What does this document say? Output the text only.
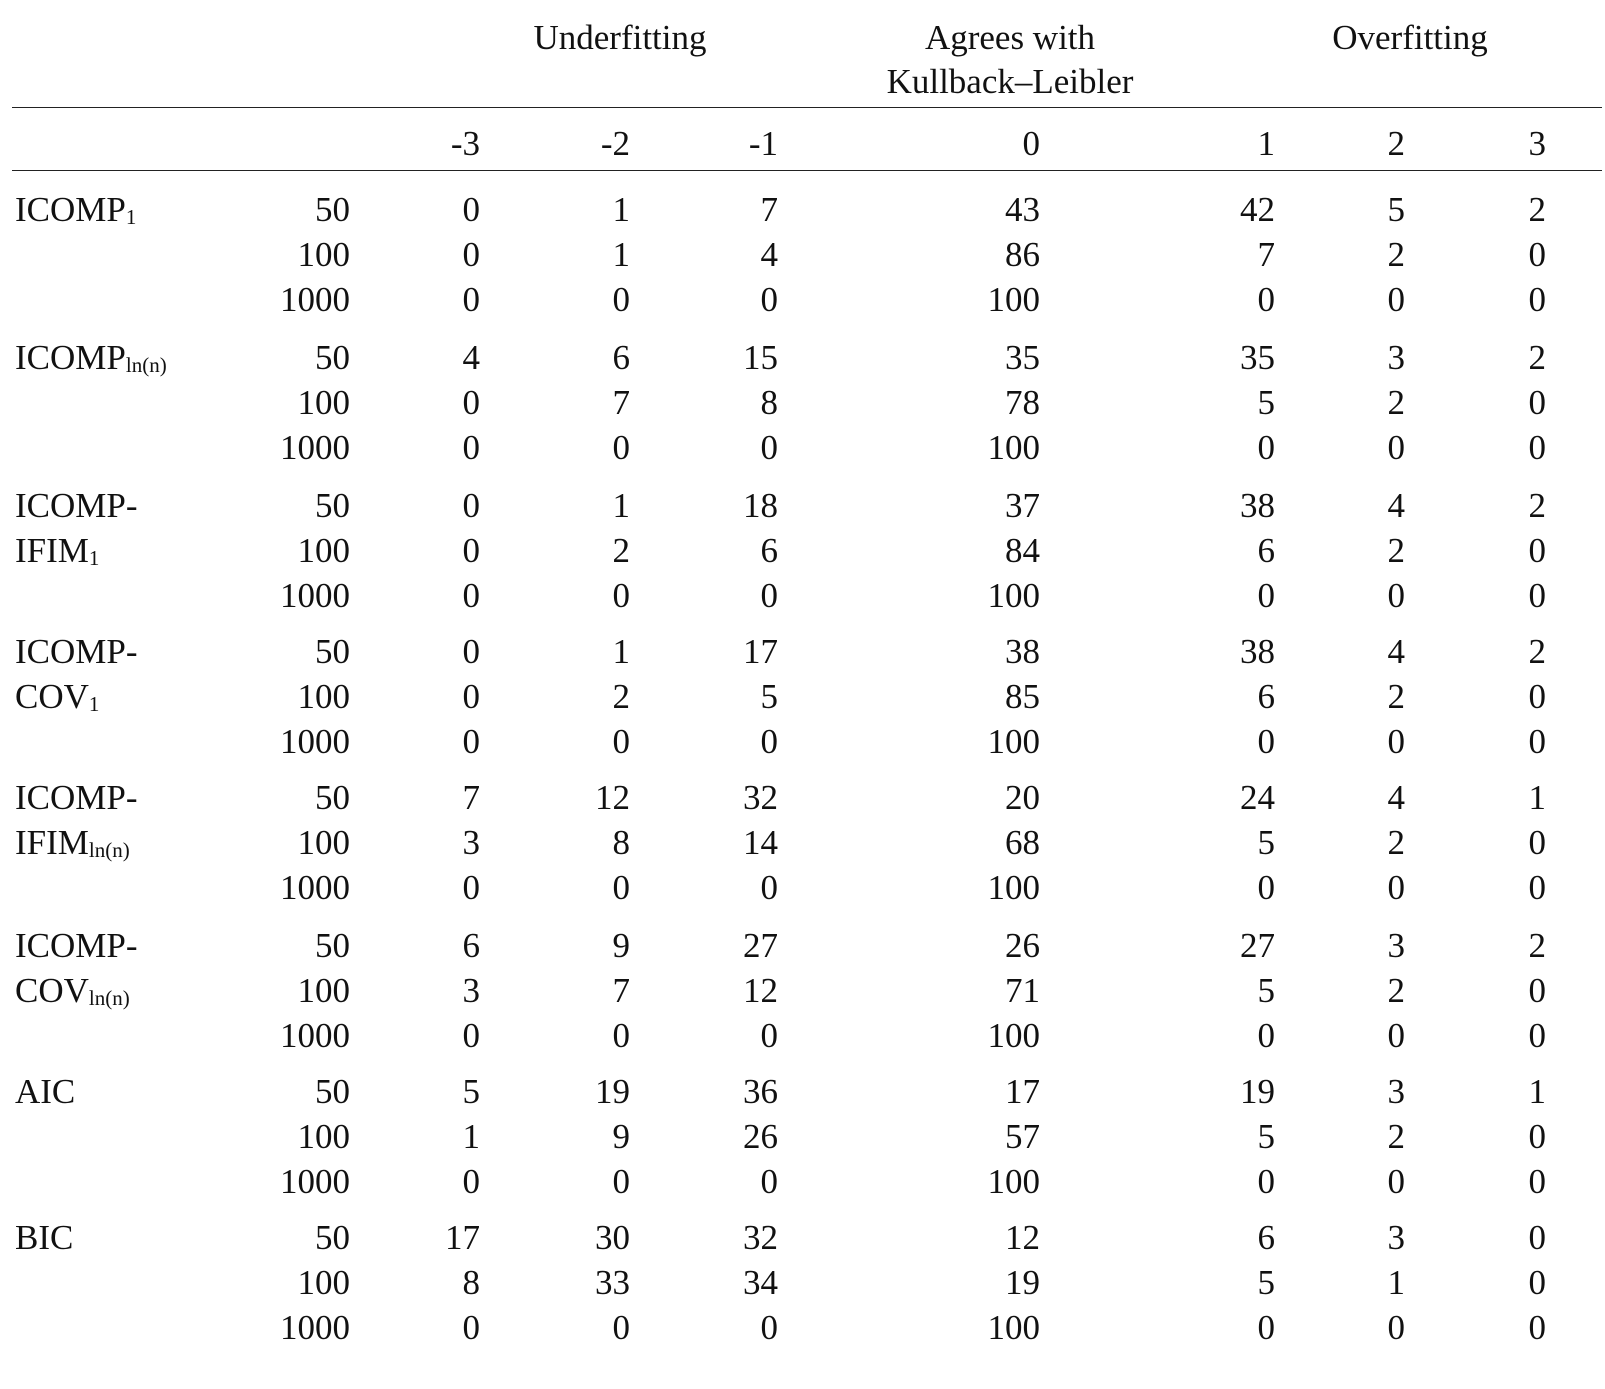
Underfitting	Agrees with
Kullback–Leibler
Overfitting
-3	-2	-1	0	1	2	3
$ICOMP_1$	50	0	1	7	43	42	5	2
100	0	1	4	86	7	2	0
1000	0	0	0	100	0	0	0
$ICOMP_{ln(n)}$	50	4	6	15	35	35	3	2
100	0	7	8	78	5	2	0
1000	0	0	0	100	0	0	0
ICOMP-
$IFIM_1$
50	0	1	18	37	38	4	2
100	0	2	6	84	6	2	0
1000	0	0	0	100	0	0	0
ICOMP-
$COV_1$
50	0	1	17	38	38	4	2
100	0	2	5	85	6	2	0
1000	0	0	0	100	0	0	0
ICOMP-
$IFIM_{ln(n)}$
50	7	12	32	20	24	4	1
100	3	8	14	68	5	2	0
1000	0	0	0	100	0	0	0
ICOMP-
$COV_{ln(n)}$
50	6	9	27	26	27	3	2
100	3	7	12	71	5	2	0
1000	0	0	0	100	0	0	0
AIC	50	5	19	36	17	19	3	1
100	1	9	26	57	5	2	0
1000	0	0	0	100	0	0	0
BIC	50	17	30	32	12	6	3	0
100	8	33	34	19	5	1	0
1000	0	0	0	100	0	0	0
